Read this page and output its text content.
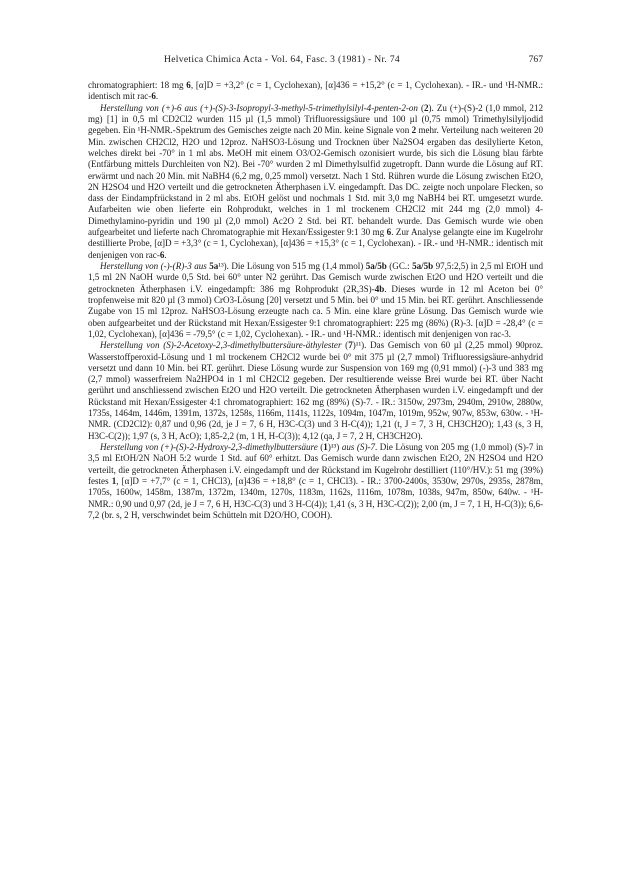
Helvetica Chimica Acta - Vol. 64, Fasc. 3 (1981) - Nr. 74	767

chromatographiert: 18 mg 6, [α]D = +3,2° (c = 1, Cyclohexan), [α]436 = +15,2° (c = 1, Cyclohexan). - IR.- und ¹H-NMR.: identisch mit rac-6.

Herstellung von (+)-6 aus (+)-(S)-3-Isopropyl-3-methyl-5-trimethylsilyl-4-penten-2-on (2). Zu (+)-(S)-2 (1,0 mmol, 212 mg) [1] in 0,5 ml CD2Cl2 wurden 115 µl (1,5 mmol) Trifluoressigsäure und 100 µl (0,75 mmol) Trimethylsilyljodid gegeben. Ein ¹H-NMR.-Spektrum des Gemisches zeigte nach 20 Min. keine Signale von 2 mehr. Verteilung nach weiteren 20 Min. zwischen CH2Cl2, H2O und 12proz. NaHSO3-Lösung und Trocknen über Na2SO4 ergaben das desilylierte Keton, welches direkt bei -70° in 1 ml abs. MeOH mit einem O3/O2-Gemisch ozonisiert wurde, bis sich die Lösung blau färbte (Entfärbung mittels Durchleiten von N2). Bei -70° wurden 2 ml Dimethylsulfid zugetropft. Dann wurde die Lösung auf RT. erwärmt und nach 20 Min. mit NaBH4 (6,2 mg, 0,25 mmol) versetzt. Nach 1 Std. Rühren wurde die Lösung zwischen Et2O, 2N H2SO4 und H2O verteilt und die getrockneten Ätherphasen i.V. eingedampft. Das DC. zeigte noch unpolare Flecken, so dass der Eindampfrückstand in 2 ml abs. EtOH gelöst und nochmals 1 Std. mit 3,0 mg NaBH4 bei RT. umgesetzt wurde. Aufarbeiten wie oben lieferte ein Rohprodukt, welches in 1 ml trockenem CH2Cl2 mit 244 mg (2,0 mmol) 4-Dimethylamino-pyridin und 190 µl (2,0 mmol) Ac2O 2 Std. bei RT. behandelt wurde. Das Gemisch wurde wie oben aufgearbeitet und lieferte nach Chromatographie mit Hexan/Essigester 9:1 30 mg 6. Zur Analyse gelangte eine im Kugelrohr destillierte Probe, [α]D = +3,3° (c = 1, Cyclohexan), [α]436 = +15,3° (c = 1, Cyclohexan). - IR.- und ¹H-NMR.: identisch mit denjenigen von rac-6.

Herstellung von (-)-(R)-3 aus 5a¹³). Die Lösung von 515 mg (1,4 mmol) 5a/5b (GC.: 5a/5b 97,5:2,5) in 2,5 ml EtOH und 1,5 ml 2N NaOH wurde 0,5 Std. bei 60° unter N2 gerührt. Das Gemisch wurde zwischen Et2O und H2O verteilt und die getrockneten Ätherphasen i.V. eingedampft: 386 mg Rohprodukt (2R,3S)-4b. Dieses wurde in 12 ml Aceton bei 0° tropfenweise mit 820 µl (3 mmol) CrO3-Lösung [20] versetzt und 5 Min. bei 0° und 15 Min. bei RT. gerührt. Anschliessende Zugabe von 15 ml 12proz. NaHSO3-Lösung erzeugte nach ca. 5 Min. eine klare grüne Lösung. Das Gemisch wurde wie oben aufgearbeitet und der Rückstand mit Hexan/Essigester 9:1 chromatographiert: 225 mg (86%) (R)-3. [α]D = -28,4° (c = 1,02, Cyclohexan), [α]436 = -79,5° (c = 1,02, Cyclohexan). - IR.- und ¹H-NMR.: identisch mit denjenigen von rac-3.

Herstellung von (S)-2-Acetoxy-2,3-dimethylbuttersäure-äthylester (7)¹¹). Das Gemisch von 60 µl (2,25 mmol) 90proz. Wasserstoffperoxid-Lösung und 1 ml trockenem CH2Cl2 wurde bei 0° mit 375 µl (2,7 mmol) Trifluoressigsäure-anhydrid versetzt und dann 10 Min. bei RT. gerührt. Diese Lösung wurde zur Suspension von 169 mg (0,91 mmol) (-)-3 und 383 mg (2,7 mmol) wasserfreiem Na2HPO4 in 1 ml CH2Cl2 gegeben. Der resultierende weisse Brei wurde bei RT. über Nacht gerührt und anschliessend zwischen Et2O und H2O verteilt. Die getrockneten Ätherphasen wurden i.V. eingedampft und der Rückstand mit Hexan/Essigester 4:1 chromatographiert: 162 mg (89%) (S)-7. - IR.: 3150w, 2973m, 2940m, 2910w, 2880w, 1735s, 1464m, 1446m, 1391m, 1372s, 1258s, 1166m, 1141s, 1122s, 1094m, 1047m, 1019m, 952w, 907w, 853w, 630w. - ¹H-NMR. (CD2Cl2): 0,87 und 0,96 (2d, je J = 7, 6 H, H3C-C(3) und 3 H-C(4)); 1,21 (t, J = 7, 3 H, CH3CH2O); 1,43 (s, 3 H, H3C-C(2)); 1,97 (s, 3 H, AcO); 1,85-2,2 (m, 1 H, H-C(3)); 4,12 (qa, J = 7, 2 H, CH3CH2O).

Herstellung von (+)-(S)-2-Hydroxy-2,3-dimethylbuttersäure (1)¹³) aus (S)-7. Die Lösung von 205 mg (1,0 mmol) (S)-7 in 3,5 ml EtOH/2N NaOH 5:2 wurde 1 Std. auf 60° erhitzt. Das Gemisch wurde dann zwischen Et2O, 2N H2SO4 und H2O verteilt, die getrockneten Ätherphasen i.V. eingedampft und der Rückstand im Kugelrohr destilliert (110°/HV.): 51 mg (39%) festes 1, [α]D = +7,7° (c = 1, CHCl3), [α]436 = +18,8° (c = 1, CHCl3). - IR.: 3700-2400s, 3530w, 2970s, 2935s, 2878m, 1705s, 1600w, 1458m, 1387m, 1372m, 1340m, 1270s, 1183m, 1162s, 1116m, 1078m, 1038s, 947m, 850w, 640w. - ¹H-NMR.: 0,90 und 0,97 (2d, je J = 7, 6 H, H3C-C(3) und 3 H-C(4)); 1,41 (s, 3 H, H3C-C(2)); 2,00 (m, J = 7, 1 H, H-C(3)); 6,6-7,2 (br. s, 2 H, verschwindet beim Schütteln mit D2O/HO, COOH).
